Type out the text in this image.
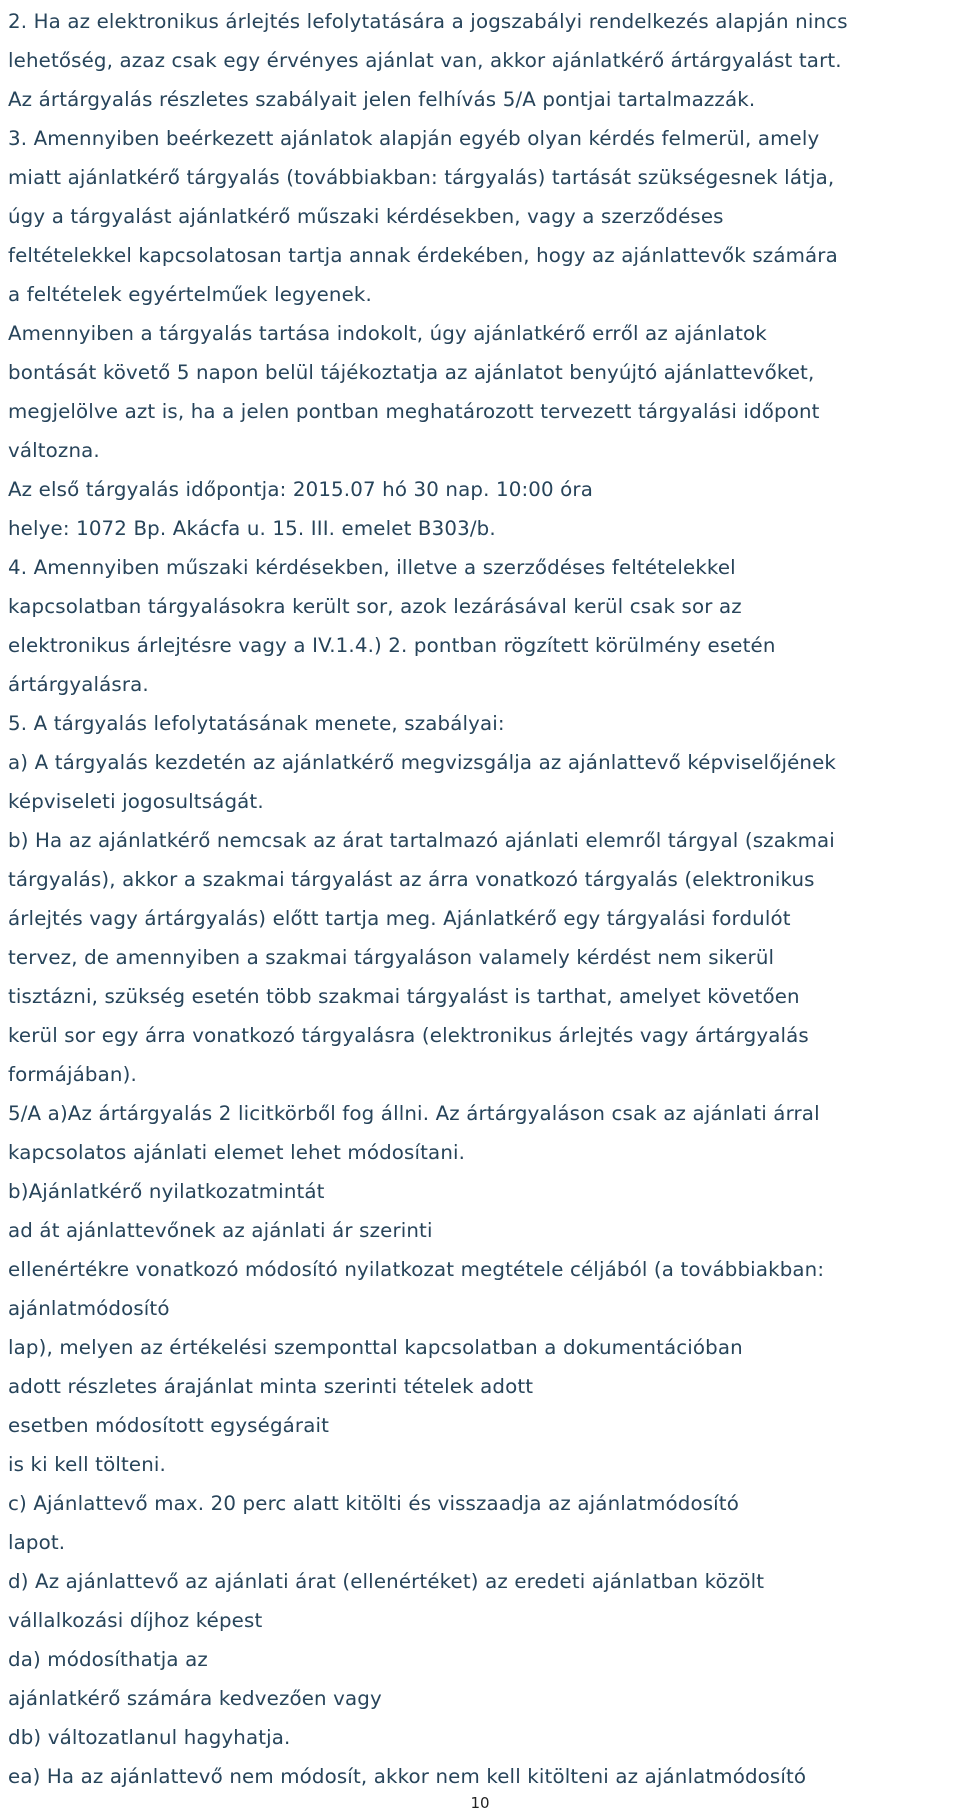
2. Ha az elektronikus árlejtés lefolytatására a jogszabályi rendelkezés alapján nincs
lehetőség, azaz csak egy érvényes ajánlat van, akkor ajánlatkérő ártárgyalást tart.
Az ártárgyalás részletes szabályait jelen felhívás 5/A pontjai tartalmazzák.
3. Amennyiben beérkezett ajánlatok alapján egyéb olyan kérdés felmerül, amely
miatt ajánlatkérő tárgyalás (továbbiakban: tárgyalás) tartását szükségesnek látja,
úgy a tárgyalást ajánlatkérő műszaki kérdésekben, vagy a szerződéses
feltételekkel kapcsolatosan tartja annak érdekében, hogy az ajánlattevők számára
a feltételek egyértelműek legyenek.
Amennyiben a tárgyalás tartása indokolt, úgy ajánlatkérő erről az ajánlatok
bontását követő 5 napon belül tájékoztatja az ajánlatot benyújtó ajánlattevőket,
megjelölve azt is, ha a jelen pontban meghatározott tervezett tárgyalási időpont
változna.
Az első tárgyalás időpontja: 2015.07 hó 30 nap. 10:00 óra
helye: 1072 Bp. Akácfa u. 15. III. emelet B303/b.
4. Amennyiben műszaki kérdésekben, illetve a szerződéses feltételekkel
kapcsolatban tárgyalásokra került sor, azok lezárásával kerül csak sor az
elektronikus árlejtésre vagy a IV.1.4.) 2. pontban rögzített körülmény esetén
ártárgyalásra.
5. A tárgyalás lefolytatásának menete, szabályai:
a) A tárgyalás kezdetén az ajánlatkérő megvizsgálja az ajánlattevő képviselőjének
képviseleti jogosultságát.
b) Ha az ajánlatkérő nemcsak az árat tartalmazó ajánlati elemről tárgyal (szakmai
tárgyalás), akkor a szakmai tárgyalást az árra vonatkozó tárgyalás (elektronikus
árlejtés vagy ártárgyalás) előtt tartja meg. Ajánlatkérő egy tárgyalási fordulót
tervez, de amennyiben a szakmai tárgyaláson valamely kérdést nem sikerül
tisztázni, szükség esetén több szakmai tárgyalást is tarthat, amelyet követően
kerül sor egy árra vonatkozó tárgyalásra (elektronikus árlejtés vagy ártárgyalás
formájában).
5/A a)Az ártárgyalás 2 licitkörből fog állni. Az ártárgyaláson csak az ajánlati árral
kapcsolatos ajánlati elemet lehet módosítani.
b)Ajánlatkérő nyilatkozatmintát
ad át ajánlattevőnek az ajánlati ár szerinti
ellenértékre vonatkozó módosító nyilatkozat megtétele céljából (a továbbiakban:
ajánlatmódosító
lap), melyen az értékelési szemponttal kapcsolatban a dokumentációban
adott részletes árajánlat minta szerinti tételek adott
esetben módosított egységárait
is ki kell tölteni.
c) Ajánlattevő max. 20 perc alatt kitölti és visszaadja az ajánlatmódosító
lapot.
d) Az ajánlattevő az ajánlati árat (ellenértéket) az eredeti ajánlatban közölt
vállalkozási díjhoz képest
da) módosíthatja az
ajánlatkérő számára kedvezően vagy
db) változatlanul hagyhatja.
ea) Ha az ajánlattevő nem módosít, akkor nem kell kitölteni az ajánlatmódosító
10
